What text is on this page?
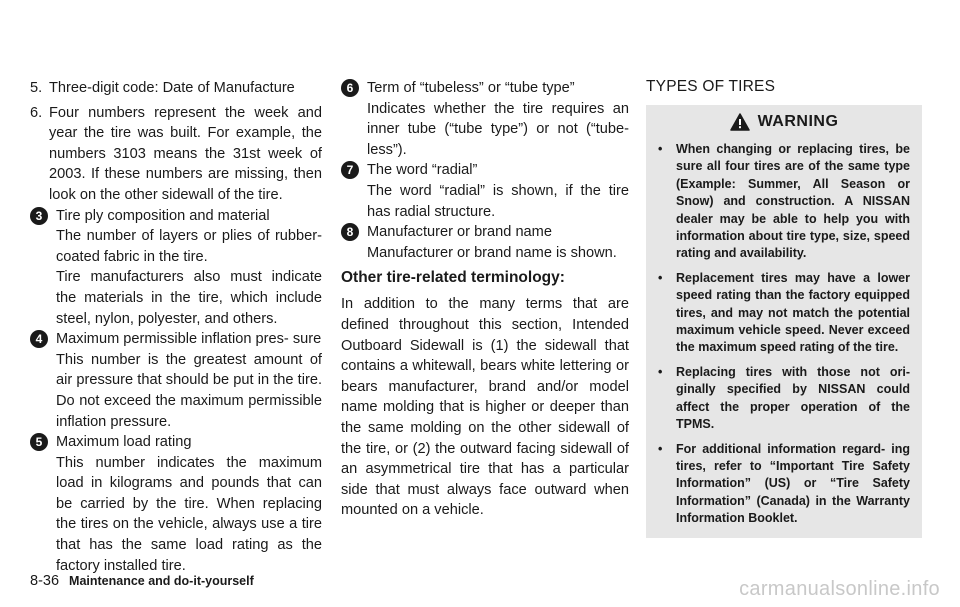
5. Three-digit code: Date of Manufacture
6. Four numbers represent the week and year the tire was built. For example, the numbers 3103 means the 31st week of 2003. If these numbers are missing, then look on the other sidewall of the tire.
3 Tire ply composition and material

The number of layers or plies of rubber-coated fabric in the tire.

Tire manufacturers also must indicate the materials in the tire, which include steel, nylon, polyester, and others.

4 Maximum permissible inflation pres- sure

This number is the greatest amount of air pressure that should be put in the tire. Do not exceed the maximum permissible inflation pressure.

5 Maximum load rating

This number indicates the maximum load in kilograms and pounds that can be carried by the tire. When replacing the tires on the vehicle, always use a tire that has the same load rating as the factory installed tire.

6 Term of “tubeless” or “tube type”

Indicates whether the tire requires an inner tube (“tube type”) or not (“tube- less”).

7 The word “radial”

The word “radial” is shown, if the tire has radial structure.

8 Manufacturer or brand name

Manufacturer or brand name is shown.

Other tire-related terminology:

In addition to the many terms that are defined throughout this section, Intended Outboard Sidewall is (1) the sidewall that contains a whitewall, bears white lettering or bears manufacturer, brand and/or model name molding that is higher or deeper than the same molding on the other sidewall of the tire, or (2) the outward facing sidewall of an asymmetrical tire that has a particular side that must always face outward when mounted on a vehicle.

TYPES OF TIRES
WARNING
•	When changing or replacing tires, be sure all four tires are of the same type (Example: Summer, All Season or Snow) and construction. A NISSAN dealer may be able to help you with information about tire type, size, speed rating and availability.
•	Replacement tires may have a lower speed rating than the factory equipped tires, and may not match the potential maximum vehicle speed. Never exceed the maximum speed rating of the tire.
•	Replacing tires with those not ori- ginally specified by NISSAN could affect the proper operation of the TPMS.
•	For additional information regard- ing tires, refer to “Important Tire Safety Information” (US) or “Tire Safety Information” (Canada) in the Warranty Information Booklet.
8-36 Maintenance and do-it-yourself	carmanualsonline.info
